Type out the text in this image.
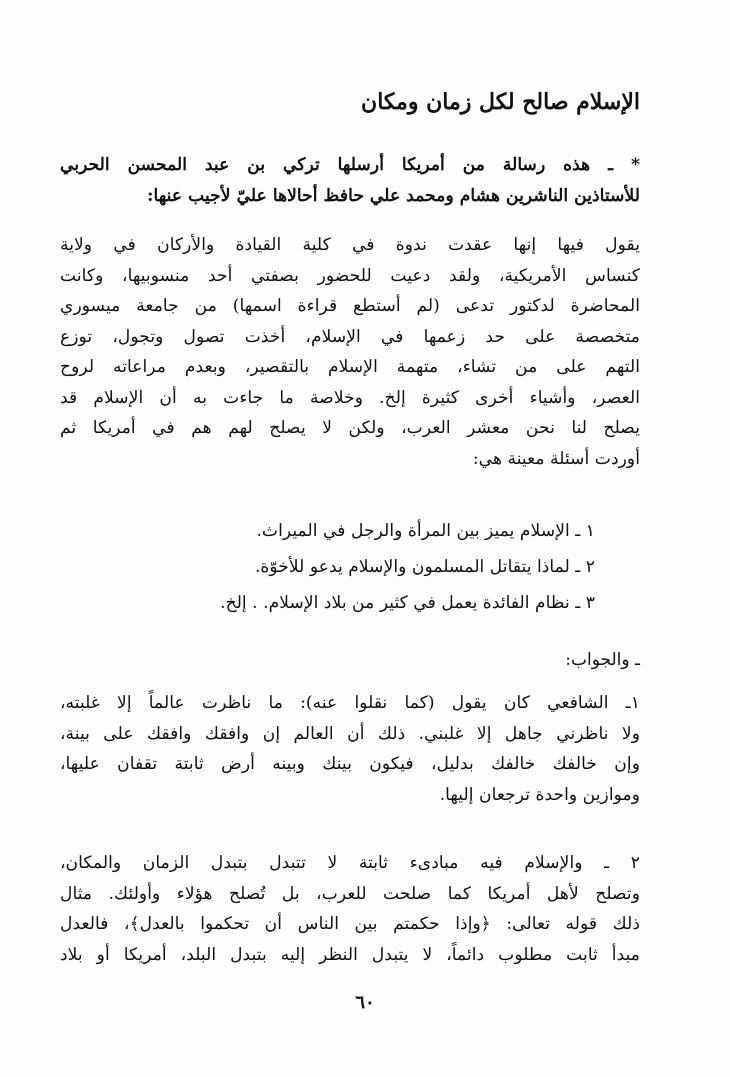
الإسلام صالح لكل زمان ومكان
* ـ هذه رسالة من أمريكا أرسلها تركي بن عبد المحسن الحربي
للأستاذين الناشرين هشام ومحمد علي حافظ أحالاها عليّ لأجيب عنها:
يقول فيها إنها عقدت ندوة في كلية القيادة والأركان في ولاية
كنساس الأمريكية، ولقد دعيت للحضور بصفتي أحد منسوبيها، وكانت
المحاضرة لدكتور تدعى (لم أستطع قراءة اسمها) من جامعة ميسوري
متخصصة على حد زعمها في الإسلام، أخذت تصول وتجول، توزع
التهم على من تشاء، متهمة الإسلام بالتقصير، وبعدم مراعاته لروح
العصر، وأشياء أخرى كثيرة إلخ. وخلاصة ما جاءت به أن الإسلام قد
يصلح لنا نحن معشر العرب، ولكن لا يصلح لهم هم في أمريكا ثم
أوردت أسئلة معينة هي:
١ ـ الإسلام يميز بين المرأة والرجل في الميراث.
٢ ـ لماذا يتقاتل المسلمون والإسلام يدعو للأخوّة.
٣ ـ نظام الفائدة يعمل في كثير من بلاد الإسلام. . إلخ.

ـ والجواب:

١ـ الشافعي كان يقول (كما نقلوا عنه): ما ناظرت عالماً إلا غلبته،
ولا ناظرني جاهل إلا غلبني. ذلك أن العالم إن وافقك وافقك على بينة،
وإن خالفك خالفك بدليل، فيكون بينك وبينه أرض ثابتة تقفان عليها،
وموازين واحدة ترجعان إليها.
٢ ـ والإسلام فيه مبادىء ثابتة لا تتبدل بتبدل الزمان والمكان،
وتصلح لأهل أمريكا كما صلحت للعرب، بل تُصلح هؤلاء وأولئك. مثال
ذلك قوله تعالى: ﴿وإذا حكمتم بين الناس أن تحكموا بالعدل﴾، فالعدل
مبدأ ثابت مطلوب دائماً، لا يتبدل النظر إليه بتبدل البلد، أمريكا أو بلاد
٦٠
